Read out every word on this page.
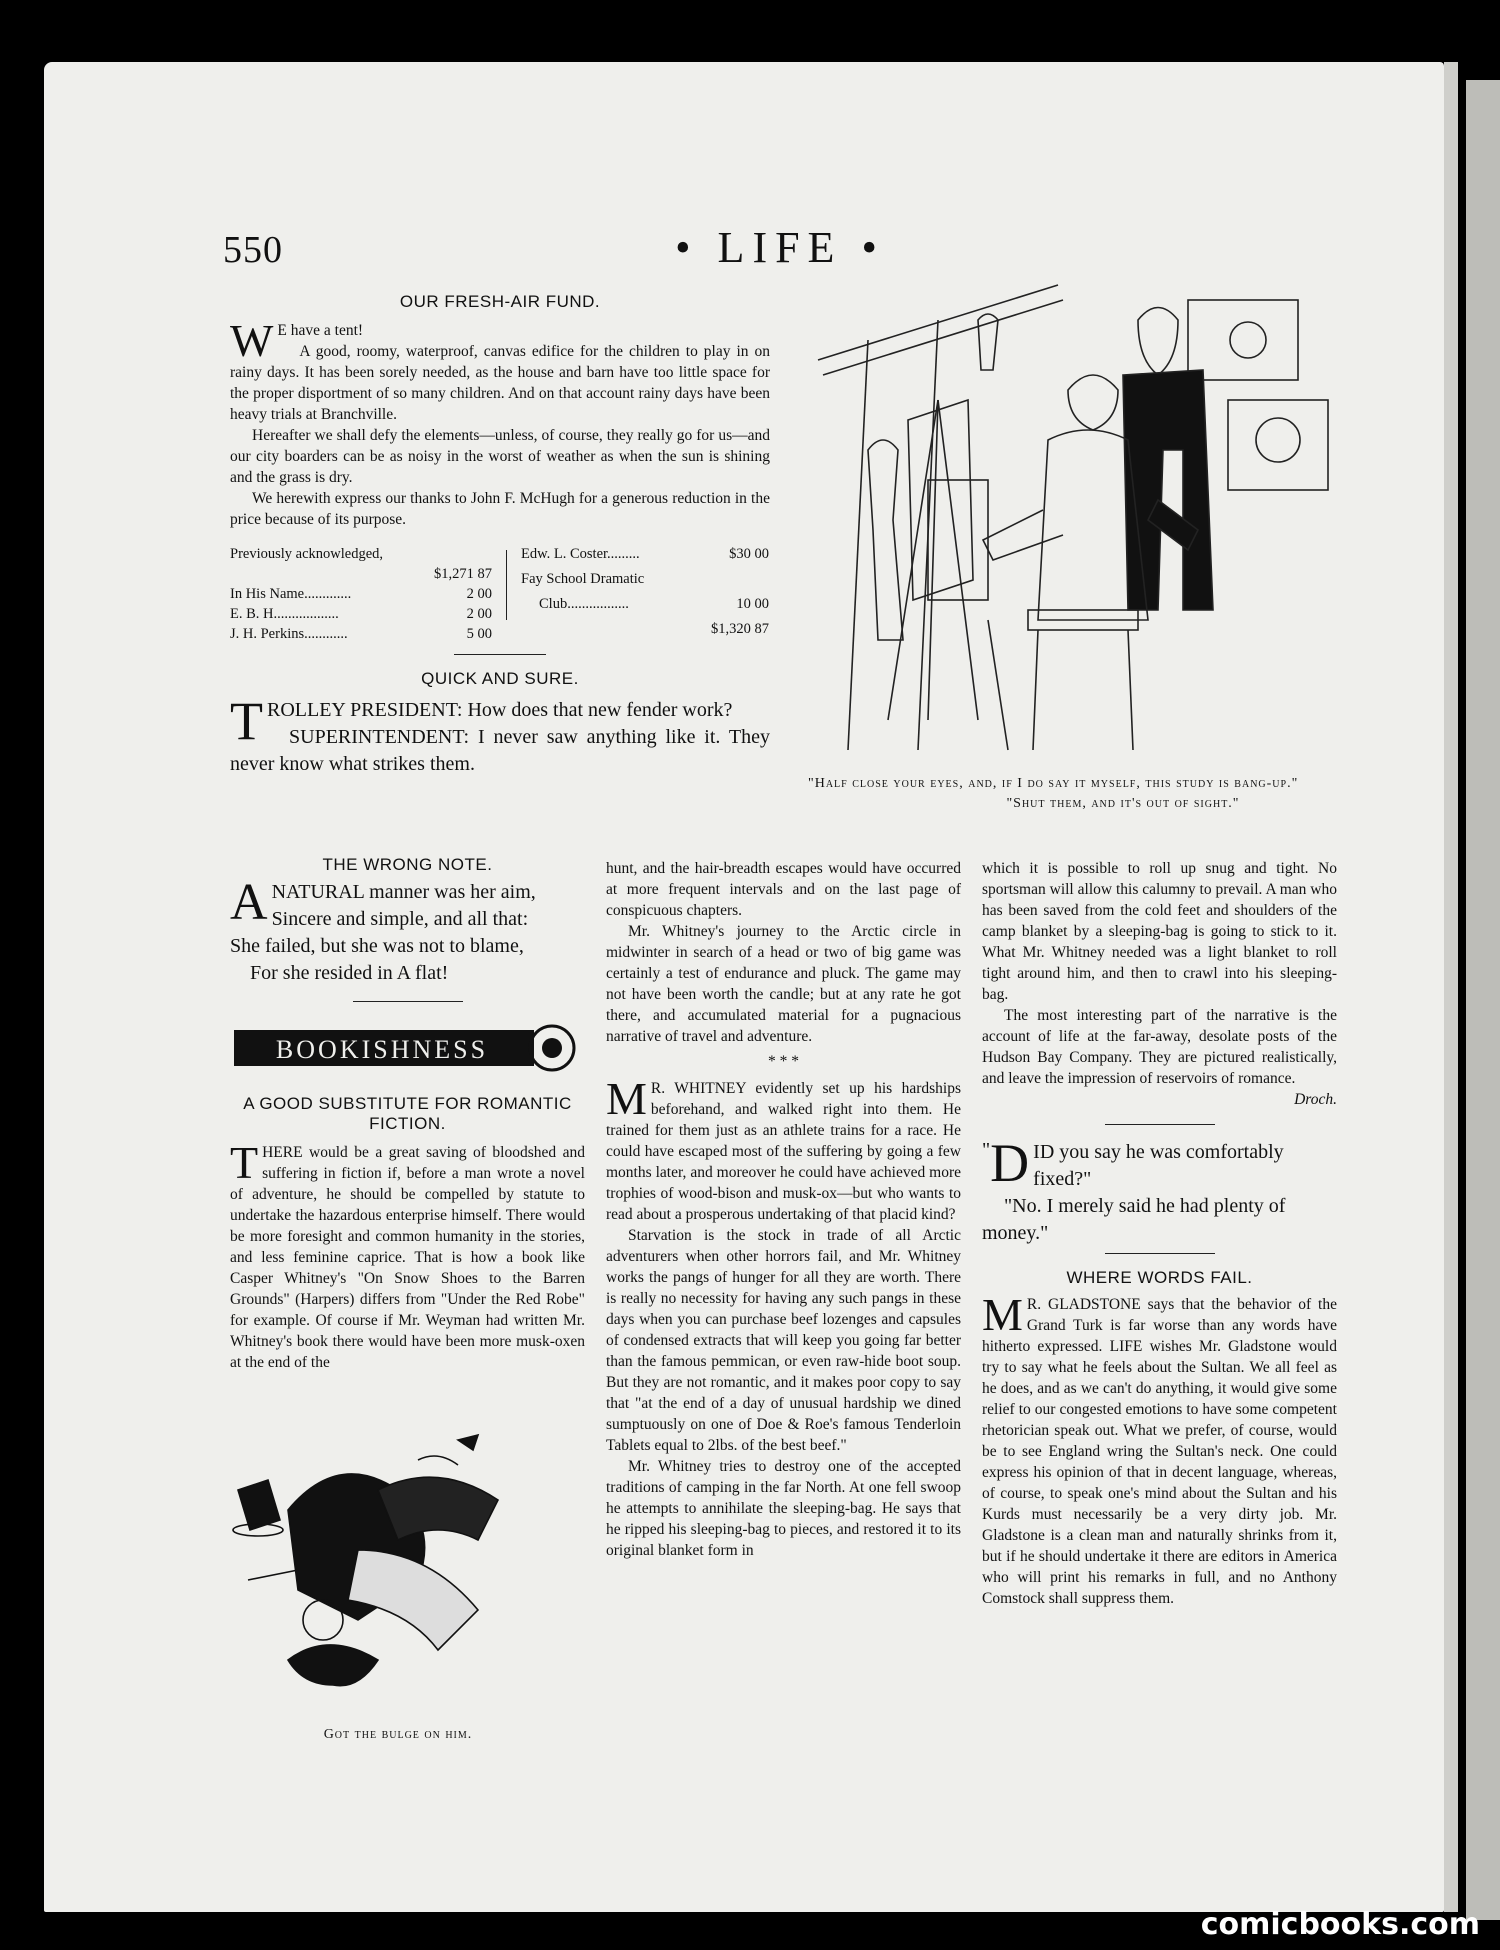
550	• LIFE •
OUR FRESH-AIR FUND.
W E have a tent!

A good, roomy, waterproof, canvas edifice for the children to play in on rainy days. It has been sorely needed, as the house and barn have too little space for the proper disportment of so many children. And on that account rainy days have been heavy trials at Branchville.

Hereafter we shall defy the elements—unless, of course, they really go for us—and our city boarders can be as noisy in the worst of weather as when the sun is shining and the grass is dry.

We herewith express our thanks to John F. McHugh for a generous reduction in the price because of its purpose.

Previously acknowledged,	
	$1,271 87
In His Name.............	2 00
E. B. H..................	2 00
J. H. Perkins............	5 00
Edw. L. Coster.........	$30 00
Fay School Dramatic	
Club.................	10 00

	$1,320 87
QUICK AND SURE.
T ROLLEY PRESIDENT: How does that new fender work?

SUPERINTENDENT: I never saw anything like it. They never know what strikes them.

"Half close your eyes, and, if I do say it myself, this study is bang-up."

"Shut them, and it's out of sight."

THE WRONG NOTE.
A NATURAL manner was her aim,

Sincere and simple, and all that:

She failed, but she was not to blame,

For she resided in A flat!

BOOKISHNESS
A GOOD SUBSTITUTE FOR ROMANTIC FICTION.
T HERE would be a great saving of bloodshed and suffering in fiction if, before a man wrote a novel of adventure, he should be compelled by statute to undertake the hazardous enterprise himself. There would be more foresight and common humanity in the stories, and less feminine caprice. That is how a book like Casper Whitney's "On Snow Shoes to the Barren Grounds" (Harpers) differs from "Under the Red Robe" for example. Of course if Mr. Weyman had written Mr. Whitney's book there would have been more musk-oxen at the end of the

Got the bulge on him.

hunt, and the hair-breadth escapes would have occurred at more frequent intervals and on the last page of conspicuous chapters.

Mr. Whitney's journey to the Arctic circle in midwinter in search of a head or two of big game was certainly a test of endurance and pluck. The game may not have been worth the candle; but at any rate he got there, and accumulated material for a pugnacious narrative of travel and adventure.

* * *

M R. WHITNEY evidently set up his hardships beforehand, and walked right into them. He trained for them just as an athlete trains for a race. He could have escaped most of the suffering by going a few months later, and moreover he could have achieved more trophies of wood-bison and musk-ox—but who wants to read about a prosperous undertaking of that placid kind?

Starvation is the stock in trade of all Arctic adventurers when other horrors fail, and Mr. Whitney works the pangs of hunger for all they are worth. There is really no necessity for having any such pangs in these days when you can purchase beef lozenges and capsules of condensed extracts that will keep you going far better than the famous pemmican, or even raw-hide boot soup. But they are not romantic, and it makes poor copy to say that "at the end of a day of unusual hardship we dined sumptuously on one of Doe & Roe's famous Tenderloin Tablets equal to 2lbs. of the best beef."

Mr. Whitney tries to destroy one of the accepted traditions of camping in the far North. At one fell swoop he attempts to annihilate the sleeping-bag. He says that he ripped his sleeping-bag to pieces, and restored it to its original blanket form in

which it is possible to roll up snug and tight. No sportsman will allow this calumny to prevail. A man who has been saved from the cold feet and shoulders of the camp blanket by a sleeping-bag is going to stick to it. What Mr. Whitney needed was a light blanket to roll tight around him, and then to crawl into his sleeping-bag.

The most interesting part of the narrative is the account of life at the far-away, desolate posts of the Hudson Bay Company. They are pictured realistically, and leave the impression of reservoirs of romance.

Droch.

" D ID you say he was comfortably fixed?"

"No. I merely said he had plenty of money."

WHERE WORDS FAIL.
M R. GLADSTONE says that the behavior of the Grand Turk is far worse than any words have hitherto expressed. LIFE wishes Mr. Gladstone would try to say what he feels about the Sultan. We all feel as he does, and as we can't do anything, it would give some relief to our congested emotions to have some competent rhetorician speak out. What we prefer, of course, would be to see England wring the Sultan's neck. One could express his opinion of that in decent language, whereas, of course, to speak one's mind about the Sultan and his Kurds must necessarily be a very dirty job. Mr. Gladstone is a clean man and naturally shrinks from it, but if he should undertake it there are editors in America who will print his remarks in full, and no Anthony Comstock shall suppress them.

comicbooks.com
